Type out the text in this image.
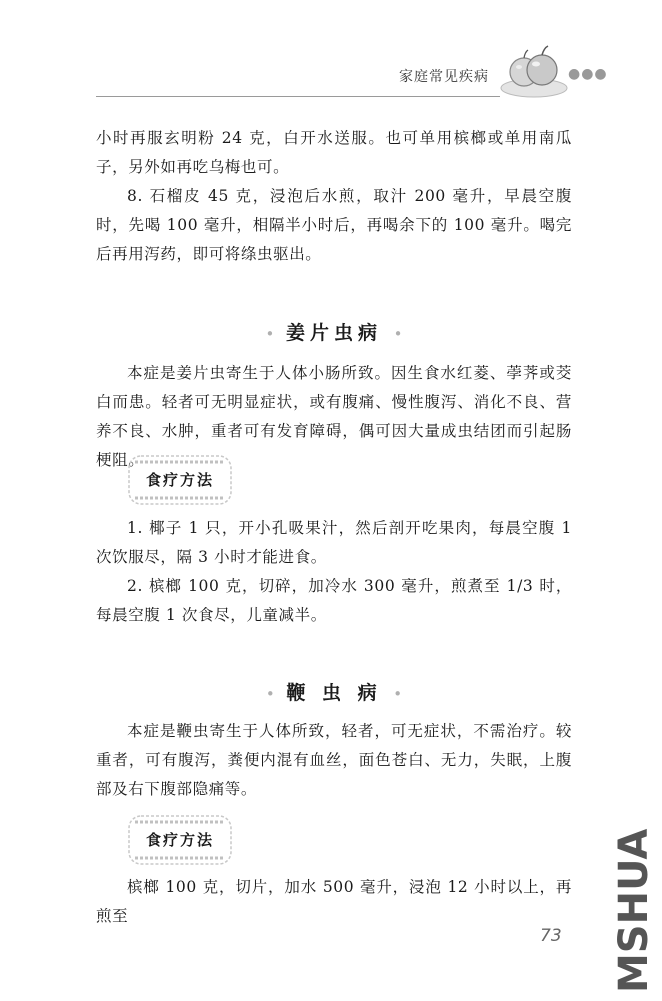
家庭常见疾病	●●●

小时再服玄明粉 24 克，白开水送服。也可单用槟榔或单用南瓜子，另外如再吃乌梅也可。

8. 石榴皮 45 克，浸泡后水煎，取汁 200 毫升，早晨空腹时，先喝 100 毫升，相隔半小时后，再喝余下的 100 毫升。喝完后再用泻药，即可将绦虫驱出。

• 姜片虫病 •

本症是姜片虫寄生于人体小肠所致。因生食水红菱、荸荠或茭白而患。轻者可无明显症状，或有腹痛、慢性腹泻、消化不良、营养不良、水肿，重者可有发育障碍，偶可因大量成虫结团而引起肠梗阻。

食疗方法

1. 椰子 1 只，开小孔吸果汁，然后剖开吃果肉，每晨空腹 1 次饮服尽，隔 3 小时才能进食。

2. 槟榔 100 克，切碎，加冷水 300 毫升，煎煮至 1/3 时，每晨空腹 1 次食尽，儿童减半。

• 鞭 虫 病 •

本症是鞭虫寄生于人体所致，轻者，可无症状，不需治疗。较重者，可有腹泻，粪便内混有血丝，面色苍白、无力，失眠，上腹部及右下腹部隐痛等。

食疗方法

槟榔 100 克，切片，加水 500 毫升，浸泡 12 小时以上，再煎至

73 MSHUA
